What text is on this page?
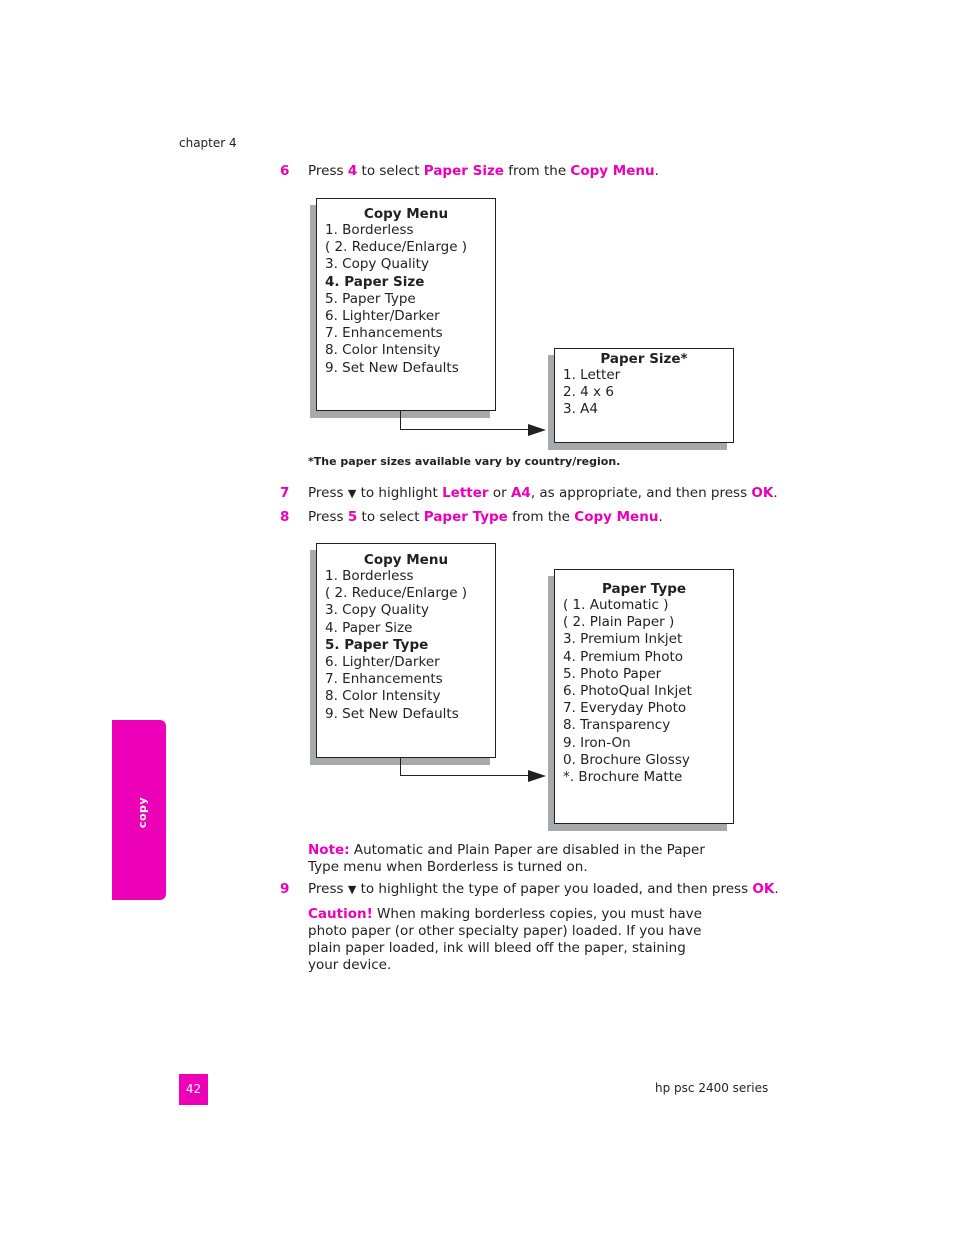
chapter 4
6 Press 4 to select Paper Size from the Copy Menu.
Copy Menu
1. Borderless
( 2. Reduce/Enlarge )
3. Copy Quality
4. Paper Size
5. Paper Type
6. Lighter/Darker
7. Enhancements
8. Color Intensity
9. Set New Defaults
Paper Size*
1. Letter
2. 4 x 6
3. A4
*The paper sizes available vary by country/region.
7 Press ▼ to highlight Letter or A4, as appropriate, and then press OK.
8 Press 5 to select Paper Type from the Copy Menu.
Copy Menu
1. Borderless
( 2. Reduce/Enlarge )
3. Copy Quality
4. Paper Size
5. Paper Type
6. Lighter/Darker
7. Enhancements
8. Color Intensity
9. Set New Defaults
Paper Type
( 1. Automatic )
( 2. Plain Paper )
3. Premium Inkjet
4. Premium Photo
5. Photo Paper
6. PhotoQual Inkjet
7. Everyday Photo
8. Transparency
9. Iron-On
0. Brochure Glossy
*. Brochure Matte
Note: Automatic and Plain Paper are disabled in the Paper Type menu when Borderless is turned on.
9 Press ▼ to highlight the type of paper you loaded, and then press OK.
Caution! When making borderless copies, you must have photo paper (or other specialty paper) loaded. If you have plain paper loaded, ink will bleed off the paper, staining your device.
copy
42	hp psc 2400 series
